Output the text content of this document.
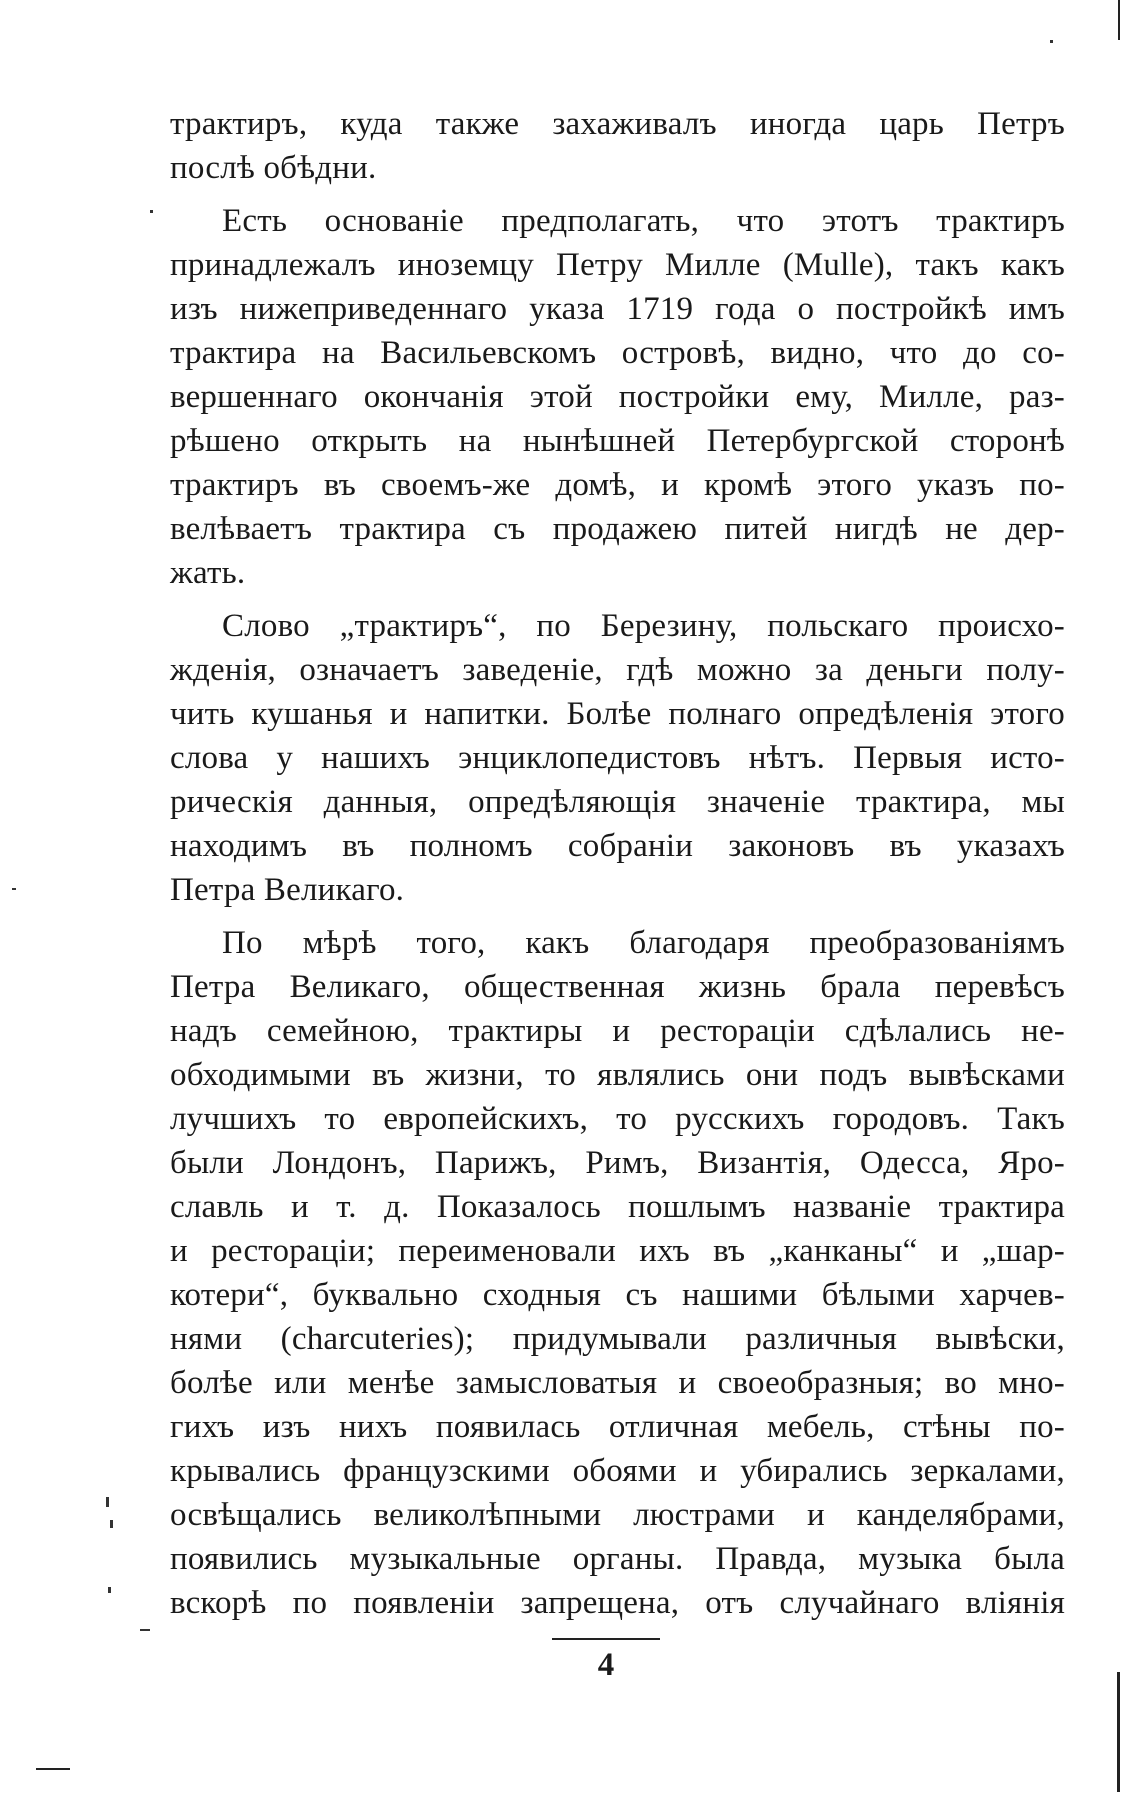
трактиръ, куда также захаживалъ иногда царь Петръ
послѣ обѣдни.
Есть основаніе предполагать, что этотъ трактиръ
принадлежалъ иноземцу Петру Милле (Mulle), такъ какъ
изъ нижеприведеннаго указа 1719 года о постройкѣ имъ
трактира на Васильевскомъ островѣ, видно, что до со-
вершеннаго окончанія этой постройки ему, Милле, раз-
рѣшено открыть на нынѣшней Петербургской сторонѣ
трактиръ въ своемъ-же домѣ, и кромѣ этого указъ по-
велѣваетъ трактира съ продажею питей нигдѣ не дер-
жать.
Слово „трактиръ“, по Березину, польскаго происхо-
жденія, означаетъ заведеніе, гдѣ можно за деньги полу-
чить кушанья и напитки. Болѣе полнаго опредѣленія этого
слова у нашихъ энциклопедистовъ нѣтъ. Первыя исто-
рическія данныя, опредѣляющія значеніе трактира, мы
находимъ въ полномъ собраніи законовъ въ указахъ
Петра Великаго.
По мѣрѣ того, какъ благодаря преобразованіямъ
Петра Великаго, общественная жизнь брала перевѣсъ
надъ семейною, трактиры и рестораціи сдѣлались не-
обходимыми въ жизни, то являлись они подъ вывѣсками
лучшихъ то европейскихъ, то русскихъ городовъ. Такъ
были Лондонъ, Парижъ, Римъ, Византія, Одесса, Яро-
славль и т. д. Показалось пошлымъ названіе трактира
и рестораціи; переименовали ихъ въ „канканы“ и „шар-
котери“, буквально сходныя съ нашими бѣлыми харчев-
нями (charcuteries); придумывали различныя вывѣски,
болѣе или менѣе замысловатыя и своеобразныя; во мно-
гихъ изъ нихъ появилась отличная мебель, стѣны по-
крывались французскими обоями и убирались зеркалами,
освѣщались великолѣпными люстрами и канделябрами,
появились музыкальные органы. Правда, музыка была
вскорѣ по появленіи запрещена, отъ случайнаго вліянія
4
